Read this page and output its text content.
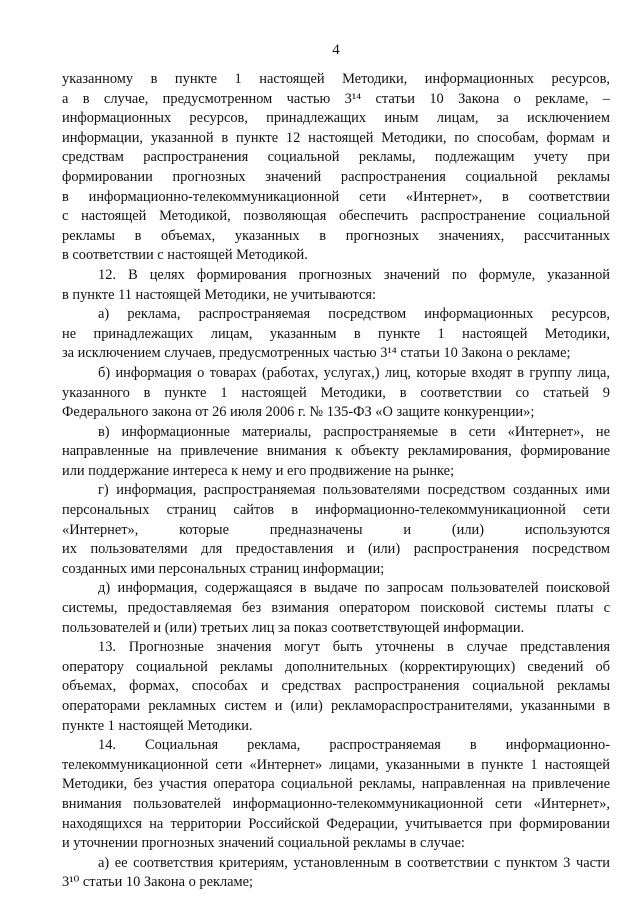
4
указанному в пункте 1 настоящей Методики, информационных ресурсов,
а в случае, предусмотренном частью 3¹⁴ статьи 10 Закона о рекламе, –
информационных ресурсов, принадлежащих иным лицам, за исключением
информации, указанной в пункте 12 настоящей Методики, по способам, формам и
средствам распространения социальной рекламы, подлежащим учету при
формировании прогнозных значений распространения социальной рекламы
в информационно-телекоммуникационной сети «Интернет», в соответствии
с настоящей Методикой, позволяющая обеспечить распространение социальной
рекламы в объемах, указанных в прогнозных значениях, рассчитанных
в соответствии с настоящей Методикой.
12. В целях формирования прогнозных значений по формуле, указанной
в пункте 11 настоящей Методики, не учитываются:
а) реклама, распространяемая посредством информационных ресурсов,
не принадлежащих лицам, указанным в пункте 1 настоящей Методики,
за исключением случаев, предусмотренных частью 3¹⁴ статьи 10 Закона о рекламе;
б) информация о товарах (работах, услугах,) лиц, которые входят в группу лица,
указанного в пункте 1 настоящей Методики, в соответствии со статьей 9
Федерального закона от 26 июля 2006 г. № 135-ФЗ «О защите конкуренции»;
в) информационные материалы, распространяемые в сети «Интернет», не
направленные на привлечение внимания к объекту рекламирования, формирование
или поддержание интереса к нему и его продвижение на рынке;
г) информация, распространяемая пользователями посредством созданных ими
персональных страниц сайтов в информационно-телекоммуникационной сети
«Интернет», которые предназначены и (или) используются
их пользователями для предоставления и (или) распространения посредством
созданных ими персональных страниц информации;
д) информация, содержащаяся в выдаче по запросам пользователей поисковой
системы, предоставляемая без взимания оператором поисковой системы платы с
пользователей и (или) третьих лиц за показ соответствующей информации.
13. Прогнозные значения могут быть уточнены в случае представления
оператору социальной рекламы дополнительных (корректирующих) сведений об
объемах, формах, способах и средствах распространения социальной рекламы
операторами рекламных систем и (или) рекламораспространителями, указанными в
пункте 1 настоящей Методики.
14. Социальная реклама, распространяемая в информационно-
телекоммуникационной сети «Интернет» лицами, указанными в пункте 1 настоящей
Методики, без участия оператора социальной рекламы, направленная на привлечение
внимания пользователей информационно-телекоммуникационной сети «Интернет»,
находящихся на территории Российской Федерации, учитывается при формировании
и уточнении прогнозных значений социальной рекламы в случае:
а) ее соответствия критериям, установленным в соответствии с пунктом 3 части
3¹⁰ статьи 10 Закона о рекламе;
